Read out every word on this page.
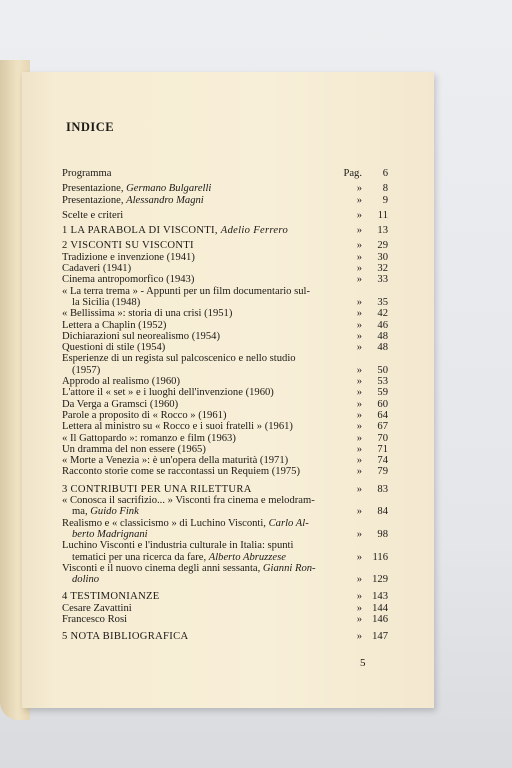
INDICE
Programma	Pag.	6
Presentazione, Germano Bulgarelli	»	8
Presentazione, Alessandro Magni	»	9
Scelte e criteri	»	11
1 LA PARABOLA DI VISCONTI, Adelio Ferrero	»	13
2 VISCONTI SU VISCONTI	»	29
Tradizione e invenzione (1941)	»	30
Cadaveri (1941)	»	32
Cinema antropomorfico (1943)	»	33
« La terra trema » - Appunti per un film documentario sul-
la Sicilia (1948)	»	35
« Bellissima »: storia di una crisi (1951)	»	42
Lettera a Chaplin (1952)	»	46
Dichiarazioni sul neorealismo (1954)	»	48
Questioni di stile (1954)	»	48
Esperienze di un regista sul palcoscenico e nello studio
(1957)	»	50
Approdo al realismo (1960)	»	53
L'attore il « set » e i luoghi dell'invenzione (1960)	»	59
Da Verga a Gramsci (1960)	»	60
Parole a proposito di « Rocco » (1961)	»	64
Lettera al ministro su « Rocco e i suoi fratelli » (1961)	»	67
« Il Gattopardo »: romanzo e film (1963)	»	70
Un dramma del non essere (1965)	»	71
« Morte a Venezia »: è un'opera della maturità (1971)	»	74
Racconto storie come se raccontassi un Requiem (1975)	»	79
3 CONTRIBUTI PER UNA RILETTURA	»	83
« Conosca il sacrifizio... » Visconti fra cinema e melodram-
ma, Guido Fink	»	84
Realismo e « classicismo » di Luchino Visconti, Carlo Al-
berto Madrignani	»	98
Luchino Visconti e l'industria culturale in Italia: spunti
tematici per una ricerca da fare, Alberto Abruzzese	» 116
Visconti e il nuovo cinema degli anni sessanta, Gianni Ron-
dolino	» 129
4 TESTIMONIANZE	» 143
Cesare Zavattini	» 144
Francesco Rosi	» 146
5 NOTA BIBLIOGRAFICA	» 147
5
